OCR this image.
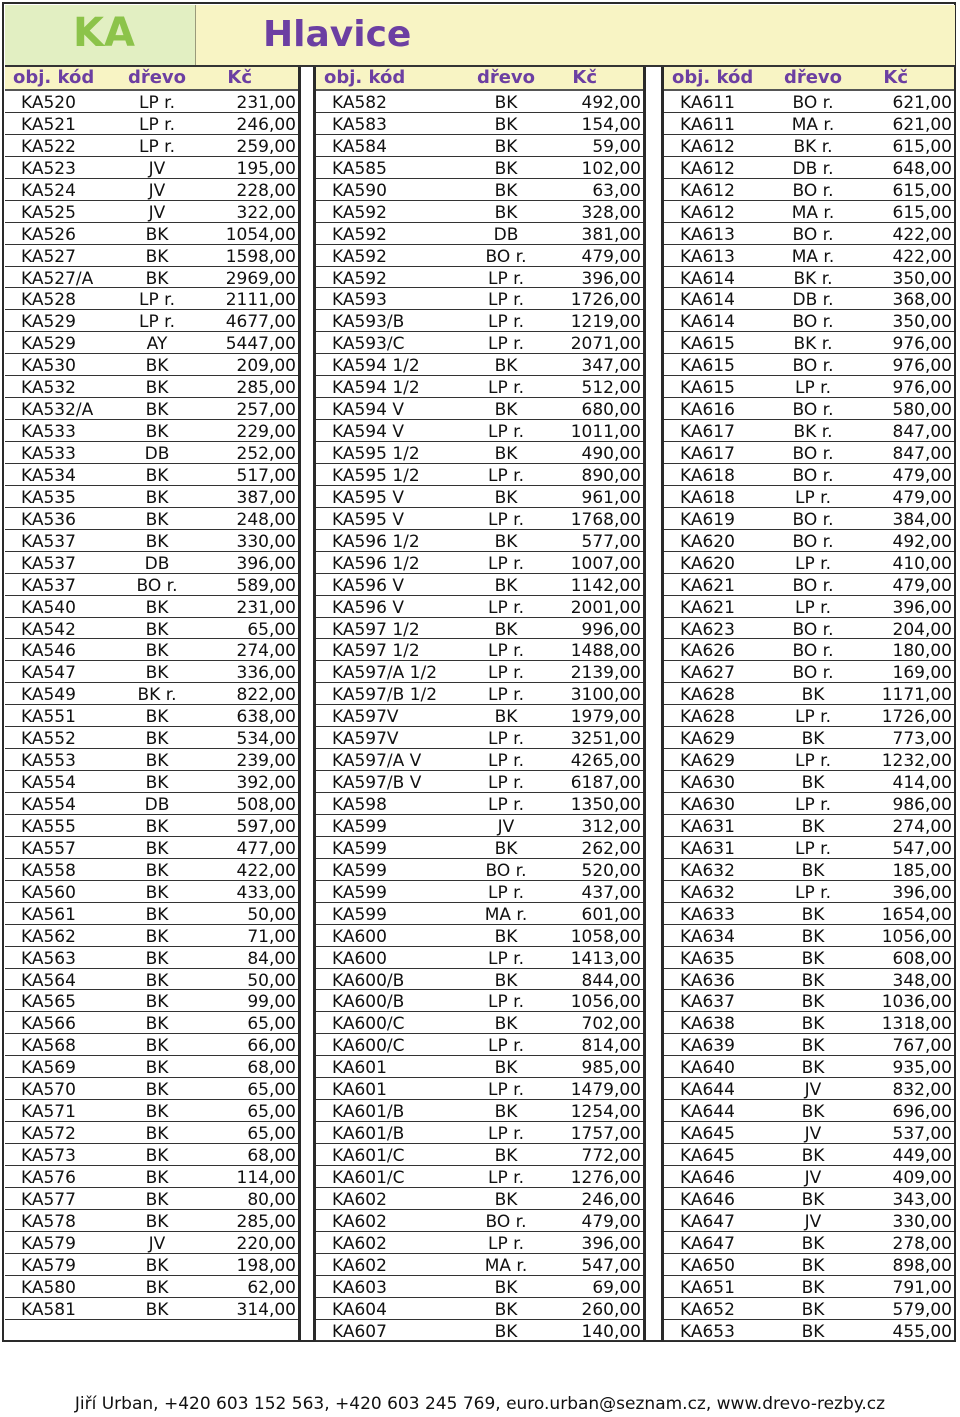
KA	Hlavice
obj. kód dřevo Kč
KA520	LP r.	231,00
KA521	LP r.	246,00
KA522	LP r.	259,00
KA523	JV	195,00
KA524	JV	228,00
KA525	JV	322,00
KA526	BK	1054,00
KA527	BK	1598,00
KA527/A	BK	2969,00
KA528	LP r.	2111,00
KA529	LP r.	4677,00
KA529	AY	5447,00
KA530	BK	209,00
KA532	BK	285,00
KA532/A	BK	257,00
KA533	BK	229,00
KA533	DB	252,00
KA534	BK	517,00
KA535	BK	387,00
KA536	BK	248,00
KA537	BK	330,00
KA537	DB	396,00
KA537	BO r.	589,00
KA540	BK	231,00
KA542	BK	65,00
KA546	BK	274,00
KA547	BK	336,00
KA549	BK r.	822,00
KA551	BK	638,00
KA552	BK	534,00
KA553	BK	239,00
KA554	BK	392,00
KA554	DB	508,00
KA555	BK	597,00
KA557	BK	477,00
KA558	BK	422,00
KA560	BK	433,00
KA561	BK	50,00
KA562	BK	71,00
KA563	BK	84,00
KA564	BK	50,00
KA565	BK	99,00
KA566	BK	65,00
KA568	BK	66,00
KA569	BK	68,00
KA570	BK	65,00
KA571	BK	65,00
KA572	BK	65,00
KA573	BK	68,00
KA576	BK	114,00
KA577	BK	80,00
KA578	BK	285,00
KA579	JV	220,00
KA579	BK	198,00
KA580	BK	62,00
KA581	BK	314,00
obj. kód	dřevo Kč
KA582	BK	492,00
KA583	BK	154,00
KA584	BK	59,00
KA585	BK	102,00
KA590	BK	63,00
KA592	BK	328,00
KA592	DB	381,00
KA592	BO r.	479,00
KA592	LP r.	396,00
KA593	LP r.	1726,00
KA593/B	LP r.	1219,00
KA593/C	LP r.	2071,00
KA594 1/2	BK	347,00
KA594 1/2	LP r.	512,00
KA594 V	BK	680,00
KA594 V	LP r.	1011,00
KA595 1/2	BK	490,00
KA595 1/2	LP r.	890,00
KA595 V	BK	961,00
KA595 V	LP r.	1768,00
KA596 1/2	BK	577,00
KA596 1/2	LP r.	1007,00
KA596 V	BK	1142,00
KA596 V	LP r.	2001,00
KA597 1/2	BK	996,00
KA597 1/2	LP r.	1488,00
KA597/A 1/2	LP r.	2139,00
KA597/B 1/2	LP r.	3100,00
KA597V	BK	1979,00
KA597V	LP r.	3251,00
KA597/A V	LP r.	4265,00
KA597/B V	LP r.	6187,00
KA598	LP r.	1350,00
KA599	JV	312,00
KA599	BK	262,00
KA599	BO r.	520,00
KA599	LP r.	437,00
KA599	MA r.	601,00
KA600	BK	1058,00
KA600	LP r.	1413,00
KA600/B	BK	844,00
KA600/B	LP r.	1056,00
KA600/C	BK	702,00
KA600/C	LP r.	814,00
KA601	BK	985,00
KA601	LP r.	1479,00
KA601/B	BK	1254,00
KA601/B	LP r.	1757,00
KA601/C	BK	772,00
KA601/C	LP r.	1276,00
KA602	BK	246,00
KA602	BO r.	479,00
KA602	LP r.	396,00
KA602	MA r.	547,00
KA603	BK	69,00
KA604	BK	260,00
KA607	BK	140,00
obj. kód dřevo Kč
KA611	BO r.	621,00
KA611	MA r.	621,00
KA612	BK r.	615,00
KA612	DB r.	648,00
KA612	BO r.	615,00
KA612	MA r.	615,00
KA613	BO r.	422,00
KA613	MA r.	422,00
KA614	BK r.	350,00
KA614	DB r.	368,00
KA614	BO r.	350,00
KA615	BK r.	976,00
KA615	BO r.	976,00
KA615	LP r.	976,00
KA616	BO r.	580,00
KA617	BK r.	847,00
KA617	BO r.	847,00
KA618	BO r.	479,00
KA618	LP r.	479,00
KA619	BO r.	384,00
KA620	BO r.	492,00
KA620	LP r.	410,00
KA621	BO r.	479,00
KA621	LP r.	396,00
KA623	BO r.	204,00
KA626	BO r.	180,00
KA627	BO r.	169,00
KA628	BK	1171,00
KA628	LP r.	1726,00
KA629	BK	773,00
KA629	LP r.	1232,00
KA630	BK	414,00
KA630	LP r.	986,00
KA631	BK	274,00
KA631	LP r.	547,00
KA632	BK	185,00
KA632	LP r.	396,00
KA633	BK	1654,00
KA634	BK	1056,00
KA635	BK	608,00
KA636	BK	348,00
KA637	BK	1036,00
KA638	BK	1318,00
KA639	BK	767,00
KA640	BK	935,00
KA644	JV	832,00
KA644	BK	696,00
KA645	JV	537,00
KA645	BK	449,00
KA646	JV	409,00
KA646	BK	343,00
KA647	JV	330,00
KA647	BK	278,00
KA650	BK	898,00
KA651	BK	791,00
KA652	BK	579,00
KA653	BK	455,00
Jiří Urban, +420 603 152 563, +420 603 245 769, euro.urban@seznam.cz, www.drevo-rezby.cz
